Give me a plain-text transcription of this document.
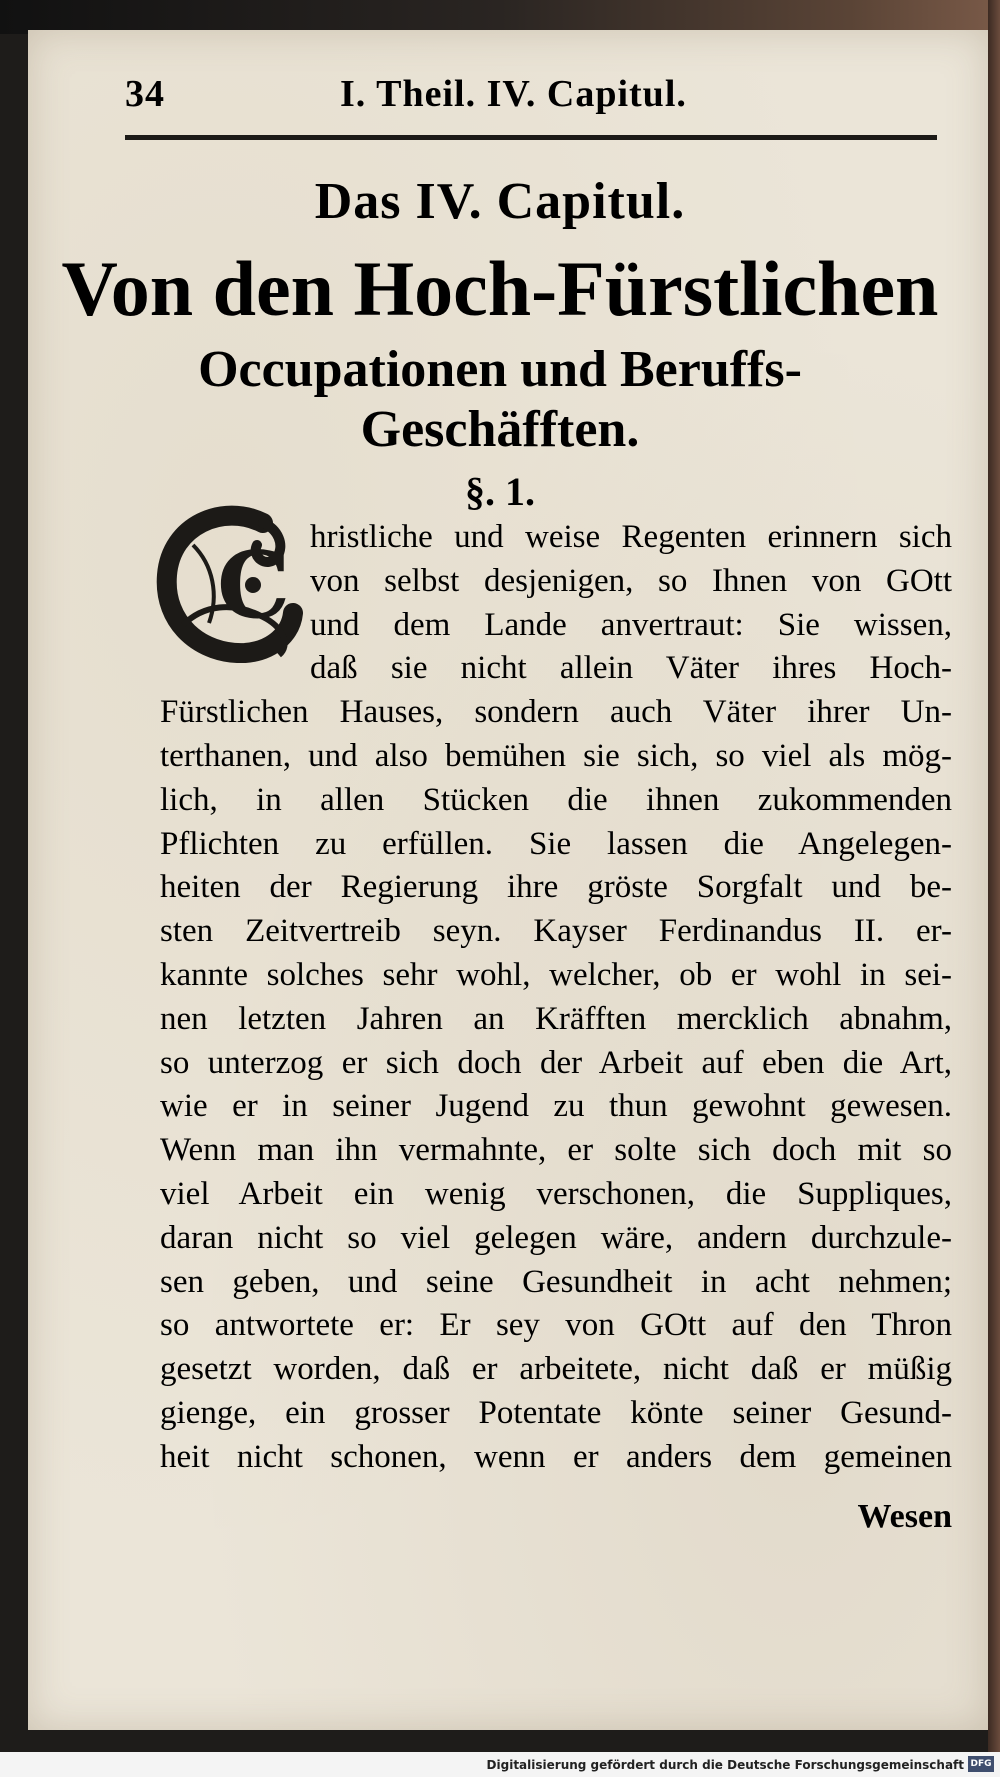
34	I. Theil. IV. Capitul.
Das IV. Capitul.
Von den Hoch-Fürstlichen
Occupationen und Beruffs-
Geschäfften.
§. 1.
C hristliche und weise Regenten erinnern sich
von selbst desjenigen, so Ihnen von GOtt
und dem Lande anvertraut: Sie wissen,
daß sie nicht allein Väter ihres Hoch-
Fürstlichen Hauses, sondern auch Väter ihrer Un-
terthanen, und also bemühen sie sich, so viel als mög-
lich, in allen Stücken die ihnen zukommenden
Pflichten zu erfüllen. Sie lassen die Angelegen-
heiten der Regierung ihre gröste Sorgfalt und be-
sten Zeitvertreib seyn. Kayser Ferdinandus II. er-
kannte solches sehr wohl, welcher, ob er wohl in sei-
nen letzten Jahren an Kräfften mercklich abnahm,
so unterzog er sich doch der Arbeit auf eben die Art,
wie er in seiner Jugend zu thun gewohnt gewesen.
Wenn man ihn vermahnte, er solte sich doch mit so
viel Arbeit ein wenig verschonen, die Suppliques,
daran nicht so viel gelegen wäre, andern durchzule-
sen geben, und seine Gesundheit in acht nehmen;
so antwortete er: Er sey von GOtt auf den Thron
gesetzt worden, daß er arbeitete, nicht daß er müßig
gienge, ein grosser Potentate könte seiner Gesund-
heit nicht schonen, wenn er anders dem gemeinen
Wesen
Digitalisierung gefördert durch die Deutsche Forschungsgemeinschaft DFG
